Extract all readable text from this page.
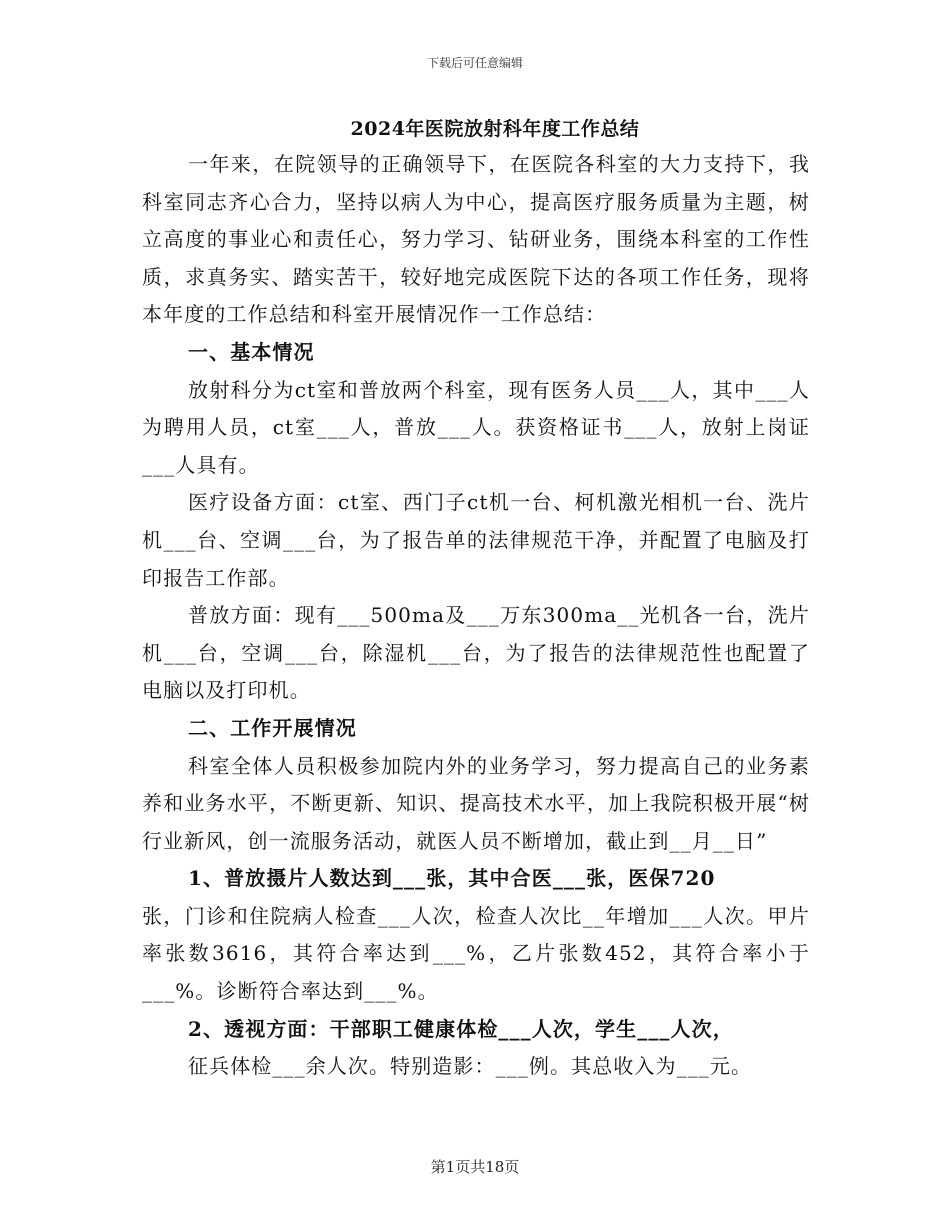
下载后可任意编辑
2024年医院放射科年度工作总结

一年来，在院领导的正确领导下，在医院各科室的大力支持下，我科室同志齐心合力，坚持以病人为中心，提高医疗服务质量为主题，树立高度的事业心和责任心，努力学习、钻研业务，围绕本科室的工作性质，求真务实、踏实苦干，较好地完成医院下达的各项工作任务，现将本年度的工作总结和科室开展情况作一工作总结：

一、基本情况

放射科分为ct室和普放两个科室，现有医务人员___人，其中___人为聘用人员，ct室___人，普放___人。获资格证书___人，放射上岗证___人具有。

医疗设备方面：ct室、西门子ct机一台、柯机激光相机一台、洗片机___台、空调___台，为了报告单的法律规范干净，并配置了电脑及打印报告工作部。

普放方面：现有___500ma及___万东300ma__光机各一台，洗片机___台，空调___台，除湿机___台，为了报告的法律规范性也配置了电脑以及打印机。

二、工作开展情况

科室全体人员积极参加院内外的业务学习，努力提高自己的业务素养和业务水平，不断更新、知识、提高技术水平，加上我院积极开展“树行业新风，创一流服务活动，就医人员不断增加，截止到__月__日”

1、普放摄片人数达到___张，其中合医___张，医保720

张，门诊和住院病人检查___人次，检查人次比__年增加___人次。甲片率张数3616，其符合率达到___%，乙片张数452，其符合率小于___%。诊断符合率达到___%。

2、透视方面：干部职工健康体检___人次，学生___人次，

征兵体检___余人次。特别造影：___例。其总收入为___元。

第1页共18页
